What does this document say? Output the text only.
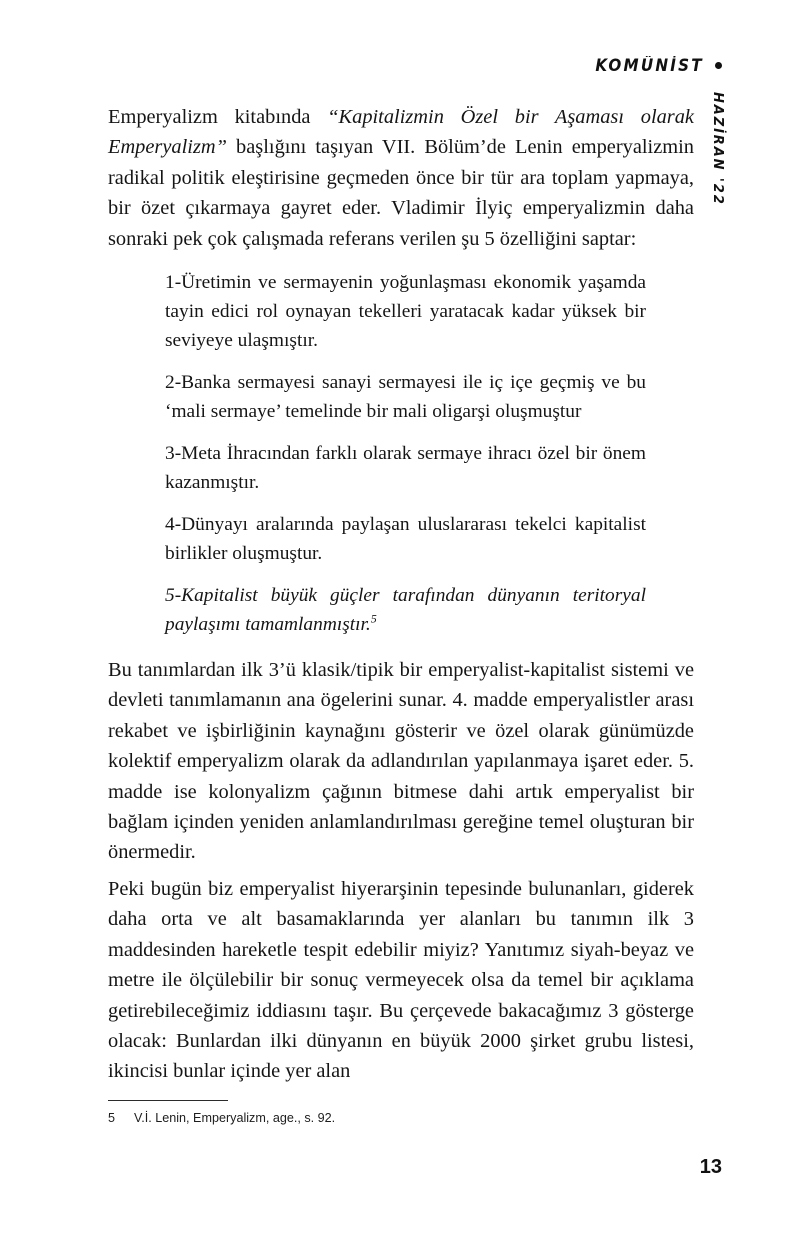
KOMÜNİST
HAZİRAN '22

Emperyalizm kitabında “Kapitalizmin Özel bir Aşaması olarak Emperyalizm” başlığını taşıyan VII. Bölüm’de Lenin emperyalizmin radikal politik eleştirisine geçmeden önce bir tür ara toplam yapmaya, bir özet çıkarmaya gayret eder. Vladimir İlyiç emperyalizmin daha sonraki pek çok çalışmada referans verilen şu 5 özelliğini saptar:

1-Üretimin ve sermayenin yoğunlaşması ekonomik yaşamda tayin edici rol oynayan tekelleri yaratacak kadar yüksek bir seviyeye ulaşmıştır.

2-Banka sermayesi sanayi sermayesi ile iç içe geçmiş ve bu ‘mali sermaye’ temelinde bir mali oligarşi oluşmuştur

3-Meta İhracından farklı olarak sermaye ihracı özel bir önem kazanmıştır.

4-Dünyayı aralarında paylaşan uluslararası tekelci kapitalist birlikler oluşmuştur.

5-Kapitalist büyük güçler tarafından dünyanın teritoryal paylaşımı tamamlanmıştır.$^5$

Bu tanımlardan ilk 3’ü klasik/tipik bir emperyalist-kapitalist sistemi ve devleti tanımlamanın ana ögelerini sunar. 4. madde emperyalistler arası rekabet ve işbirliğinin kaynağını gösterir ve özel olarak günümüzde kolektif emperyalizm olarak da adlandırılan yapılanmaya işaret eder. 5. madde ise kolonyalizm çağının bitmese dahi artık emperyalist bir bağlam içinden yeniden anlamlandırılması gereğine temel oluşturan bir önermedir.

Peki bugün biz emperyalist hiyerarşinin tepesinde bulunanları, giderek daha orta ve alt basamaklarında yer alanları bu tanımın ilk 3 maddesinden hareketle tespit edebilir miyiz? Yanıtımız siyah-beyaz ve metre ile ölçülebilir bir sonuç vermeyecek olsa da temel bir açıklama getirebileceğimiz iddiasını taşır. Bu çerçevede bakacağımız 3 gösterge olacak: Bunlardan ilki dünyanın en büyük 2000 şirket grubu listesi, ikincisi bunlar içinde yer alan

5	V.İ. Lenin, Emperyalizm, age., s. 92.
13
